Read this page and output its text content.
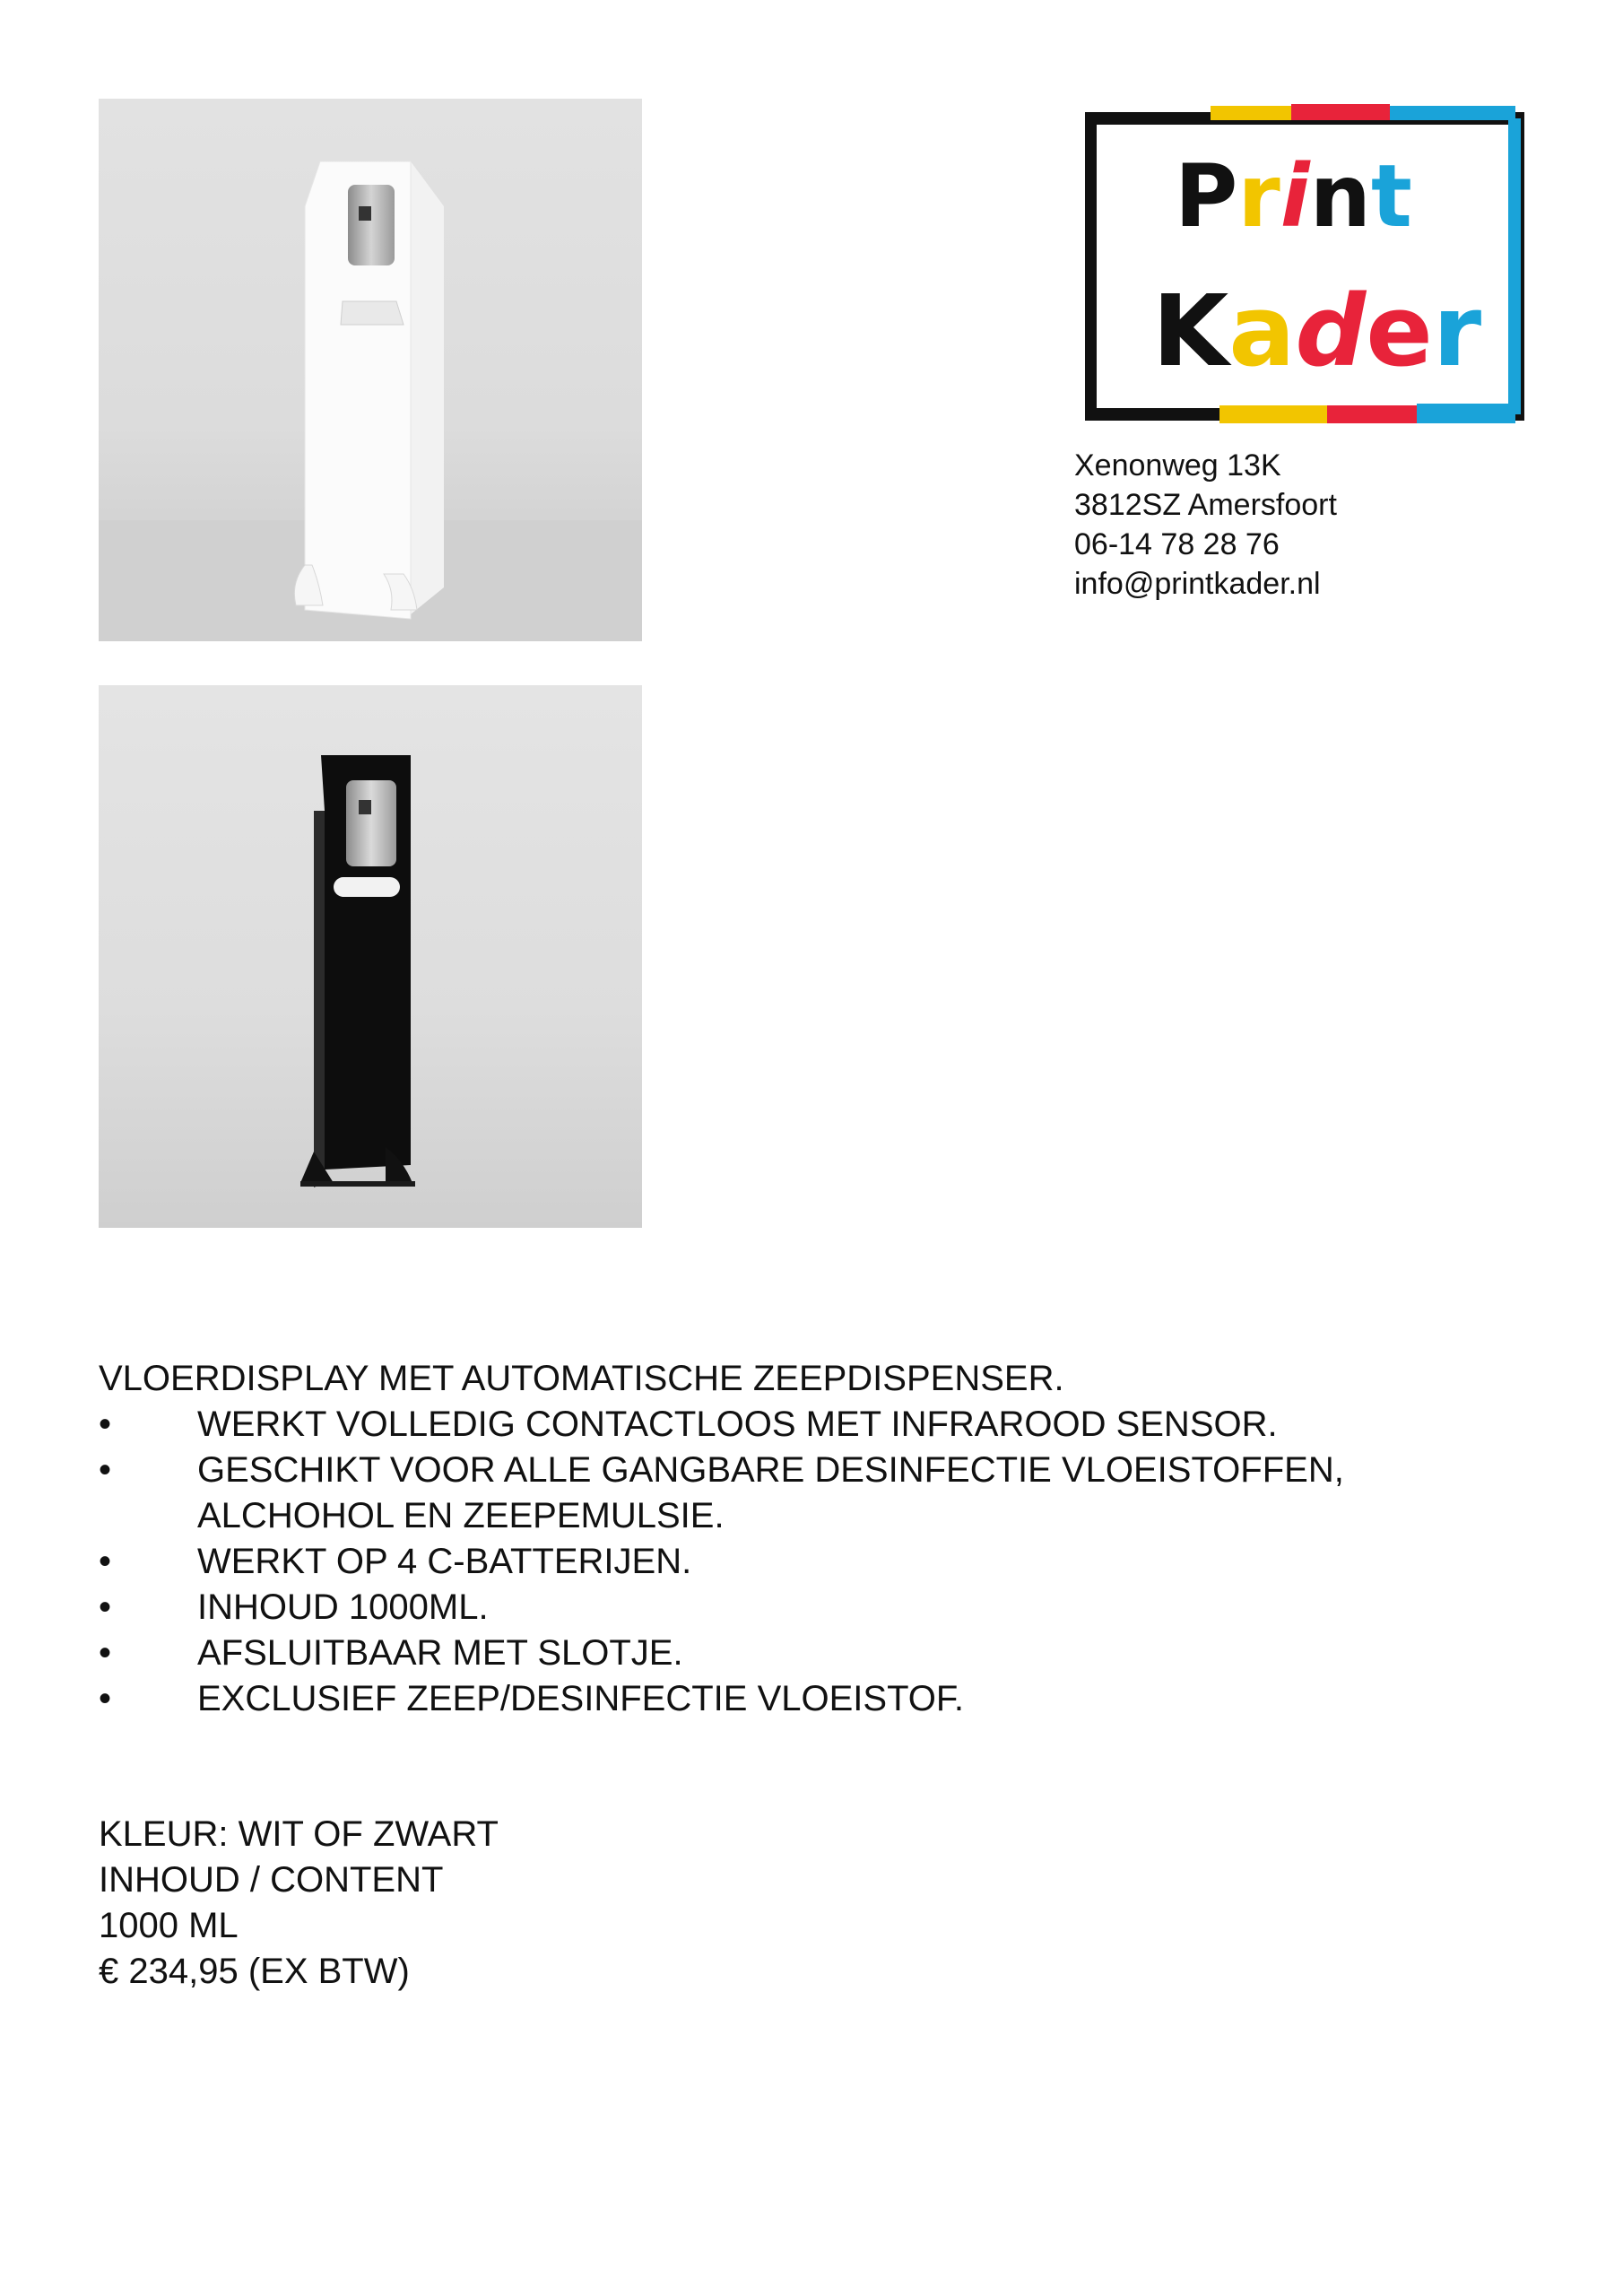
Print
Kader
Xenonweg 13K
3812SZ Amersfoort
06-14 78 28 76
info@printkader.nl

VLOERDISPLAY MET AUTOMATISCHE ZEEPDISPENSER.

• WERKT VOLLEDIG CONTACTLOOS MET INFRAROOD SENSOR.
• GESCHIKT VOOR ALLE GANGBARE DESINFECTIE VLOEISTOFFEN, ALCHOHOL EN ZEEPEMULSIE.
• WERKT OP 4 C-BATTERIJEN.
• INHOUD 1000ML.
• AFSLUITBAAR MET SLOTJE.
• EXCLUSIEF ZEEP/DESINFECTIE VLOEISTOF.
KLEUR: WIT OF ZWART
INHOUD / CONTENT
1000 ML
€ 234,95 (EX BTW)
